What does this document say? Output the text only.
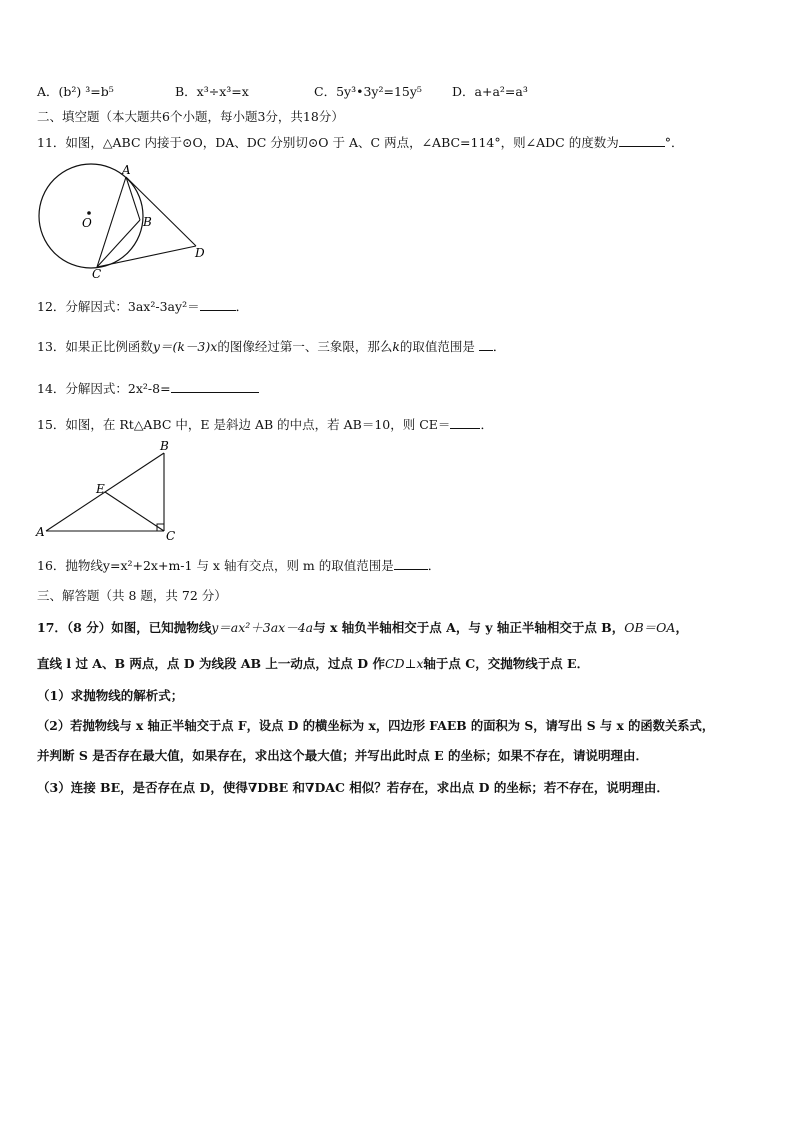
A．(b²) ³=b⁵	B．x³÷x³=x	C．5y³•3y²=15y⁵ D．a+a²=a³
二、填空题（本大题共6个小题，每小题3分，共18分）
11．如图，△ABC 内接于⊙O，DA、DC 分别切⊙O 于 A、C 两点，∠ABC=114°，则∠ADC 的度数为	°．
A
B
O
C
D
12．分解因式：3ax²-3ay²＝	．
13．如果正比例函数y＝(k－3)x的图像经过第一、三象限，那么k的取值范围是 ．
14．分解因式：2x²-8=
15．如图，在 Rt△ABC 中，E 是斜边 AB 的中点，若 AB＝10，则 CE＝ ．
B
E
A	C
16．抛物线y=x²+2x+m-1 与 x 轴有交点，则 m 的取值范围是	．
三、解答题（共 8 题，共 72 分）
17．（8 分）如图，已知抛物线y＝ax²＋3ax－4a与 x 轴负半轴相交于点 A，与 y 轴正半轴相交于点 B，OB＝OA，
直线 l 过 A、B 两点，点 D 为线段 AB 上一动点，过点 D 作CD⊥x轴于点 C，交抛物线于点 E．
（1）求抛物线的解析式；
（2）若抛物线与 x 轴正半轴交于点 F，设点 D 的横坐标为 x，四边形 FAEB 的面积为 S，请写出 S 与 x 的函数关系式，
并判断 S 是否存在最大值，如果存在，求出这个最大值；并写出此时点 E 的坐标；如果不存在，请说明理由．
（3）连接 BE，是否存在点 D，使得∇DBE 和∇DAC 相似？若存在，求出点 D 的坐标；若不存在，说明理由．
